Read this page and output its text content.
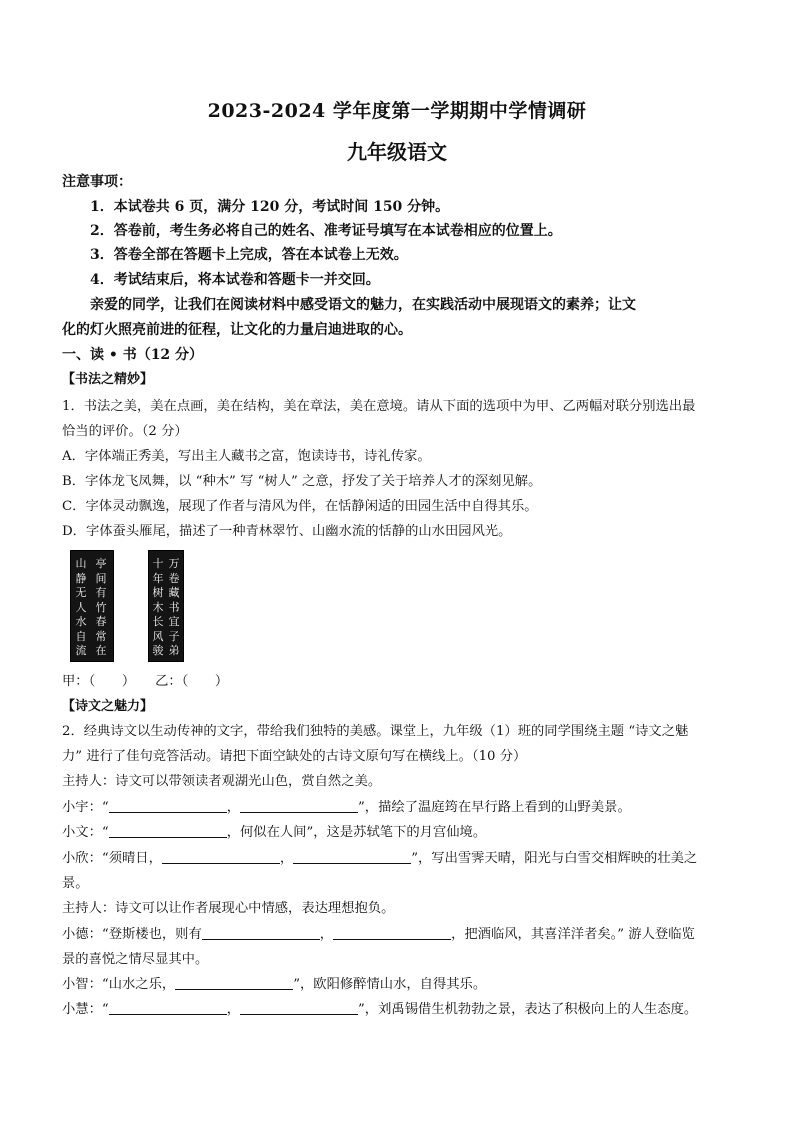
2023-2024 学年度第一学期期中学情调研
九年级语文
注意事项：
1．本试卷共 6 页，满分 120 分，考试时间 150 分钟。
2．答卷前，考生务必将自己的姓名、准考证号填写在本试卷相应的位置上。
3．答卷全部在答题卡上完成，答在本试卷上无效。
4．考试结束后，将本试卷和答题卡一并交回。
亲爱的同学，让我们在阅读材料中感受语文的魅力，在实践活动中展现语文的素养；让文
化的灯火照亮前进的征程，让文化的力量启迪进取的心。
一、读 • 书（12 分）
【书法之精妙】
1．书法之美，美在点画，美在结构，美在章法，美在意境。请从下面的选项中为甲、乙两幅对联分别选出最
恰当的评价。（2 分）
A．字体端正秀美，写出主人藏书之富，饱读诗书，诗礼传家。
B．字体龙飞凤舞，以 “种木” 写 “树人” 之意，抒发了关于培养人才的深刻见解。
C．字体灵动飘逸，展现了作者与清风为伴，在恬静闲适的田园生活中自得其乐。
D．字体蚕头雁尾，描述了一种青林翠竹、山幽水流的恬静的山水田园风光。
山静无人水自流
亭间有竹春常在
十年树木长风骏
万卷藏书宜子弟
甲：（　　）　　乙：（　　）
【诗文之魅力】
2．经典诗文以生动传神的文字，带给我们独特的美感。课堂上，九年级（1）班的同学围绕主题 “诗文之魅
力” 进行了佳句竞答活动。请把下面空缺处的古诗文原句写在横线上。（10 分）
主持人：诗文可以带领读者观湖光山色，赏自然之美。
小宇：“	，	”，描绘了温庭筠在早行路上看到的山野美景。
小文：“	，何似在人间”，这是苏轼笔下的月宫仙境。
小欣：“须晴日，	，	”，写出雪霁天晴，阳光与白雪交相辉映的壮美之
景。
主持人：诗文可以让作者展现心中情感，表达理想抱负。
小德：“登斯楼也，则有	，	，把酒临风，其喜洋洋者矣。” 游人登临览
景的喜悦之情尽显其中。
小智：“山水之乐，	”，欧阳修醉情山水，自得其乐。
小慧：“	，	”，刘禹锡借生机勃勃之景，表达了积极向上的人生态度。
